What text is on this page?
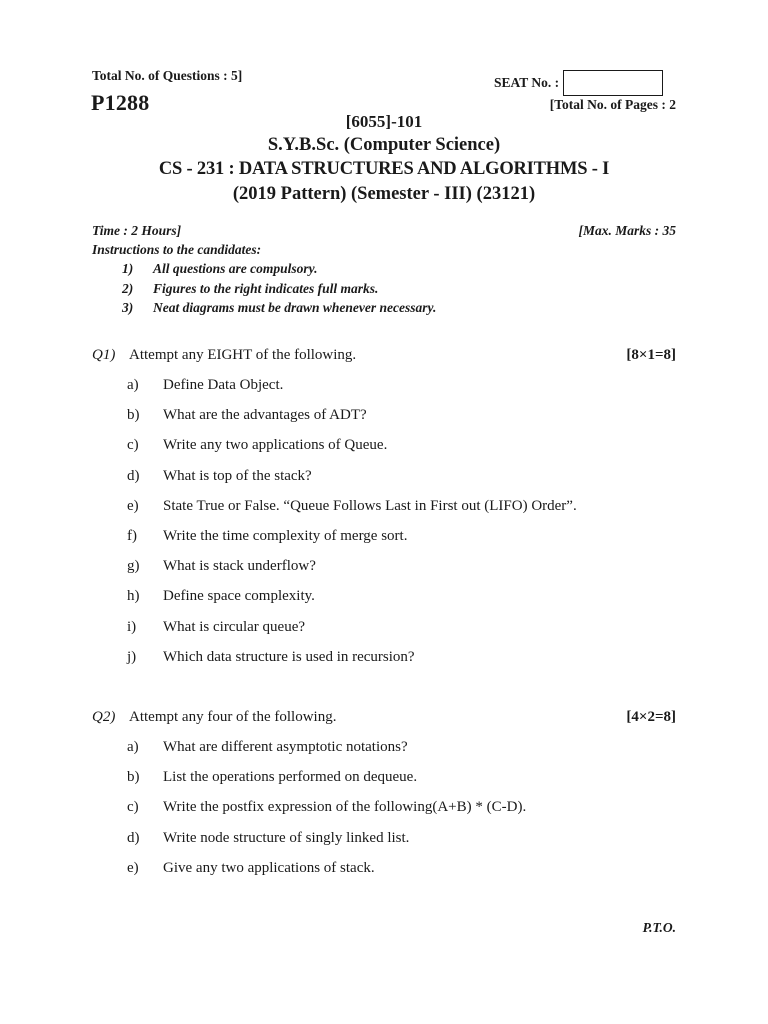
Total No. of Questions : 5]	SEAT No. :
P1288	[Total No. of Pages : 2
[6055]-101
S.Y.B.Sc. (Computer Science)
CS - 231 : DATA STRUCTURES AND ALGORITHMS - I
(2019 Pattern) (Semester - III) (23121)
Time : 2 Hours]	[Max. Marks : 35
Instructions to the candidates:
1)	All questions are compulsory.
2)	Figures to the right indicates full marks.
3)	Neat diagrams must be drawn whenever necessary.
Q1) Attempt any EIGHT of the following.	[8×1=8]
a)	Define Data Object.
b)	What are the advantages of ADT?
c)	Write any two applications of Queue.
d)	What is top of the stack?
e)	State True or False. “Queue Follows Last in First out (LIFO) Order”.
f)	Write the time complexity of merge sort.
g)	What is stack underflow?
h)	Define space complexity.
i)	What is circular queue?
j)	Which data structure is used in recursion?
Q2) Attempt any four of the following.	[4×2=8]
a)	What are different asymptotic notations?
b)	List the operations performed on dequeue.
c)	Write the postfix expression of the following(A+B) * (C-D).
d)	Write node structure of singly linked list.
e)	Give any two applications of stack.
P.T.O.
